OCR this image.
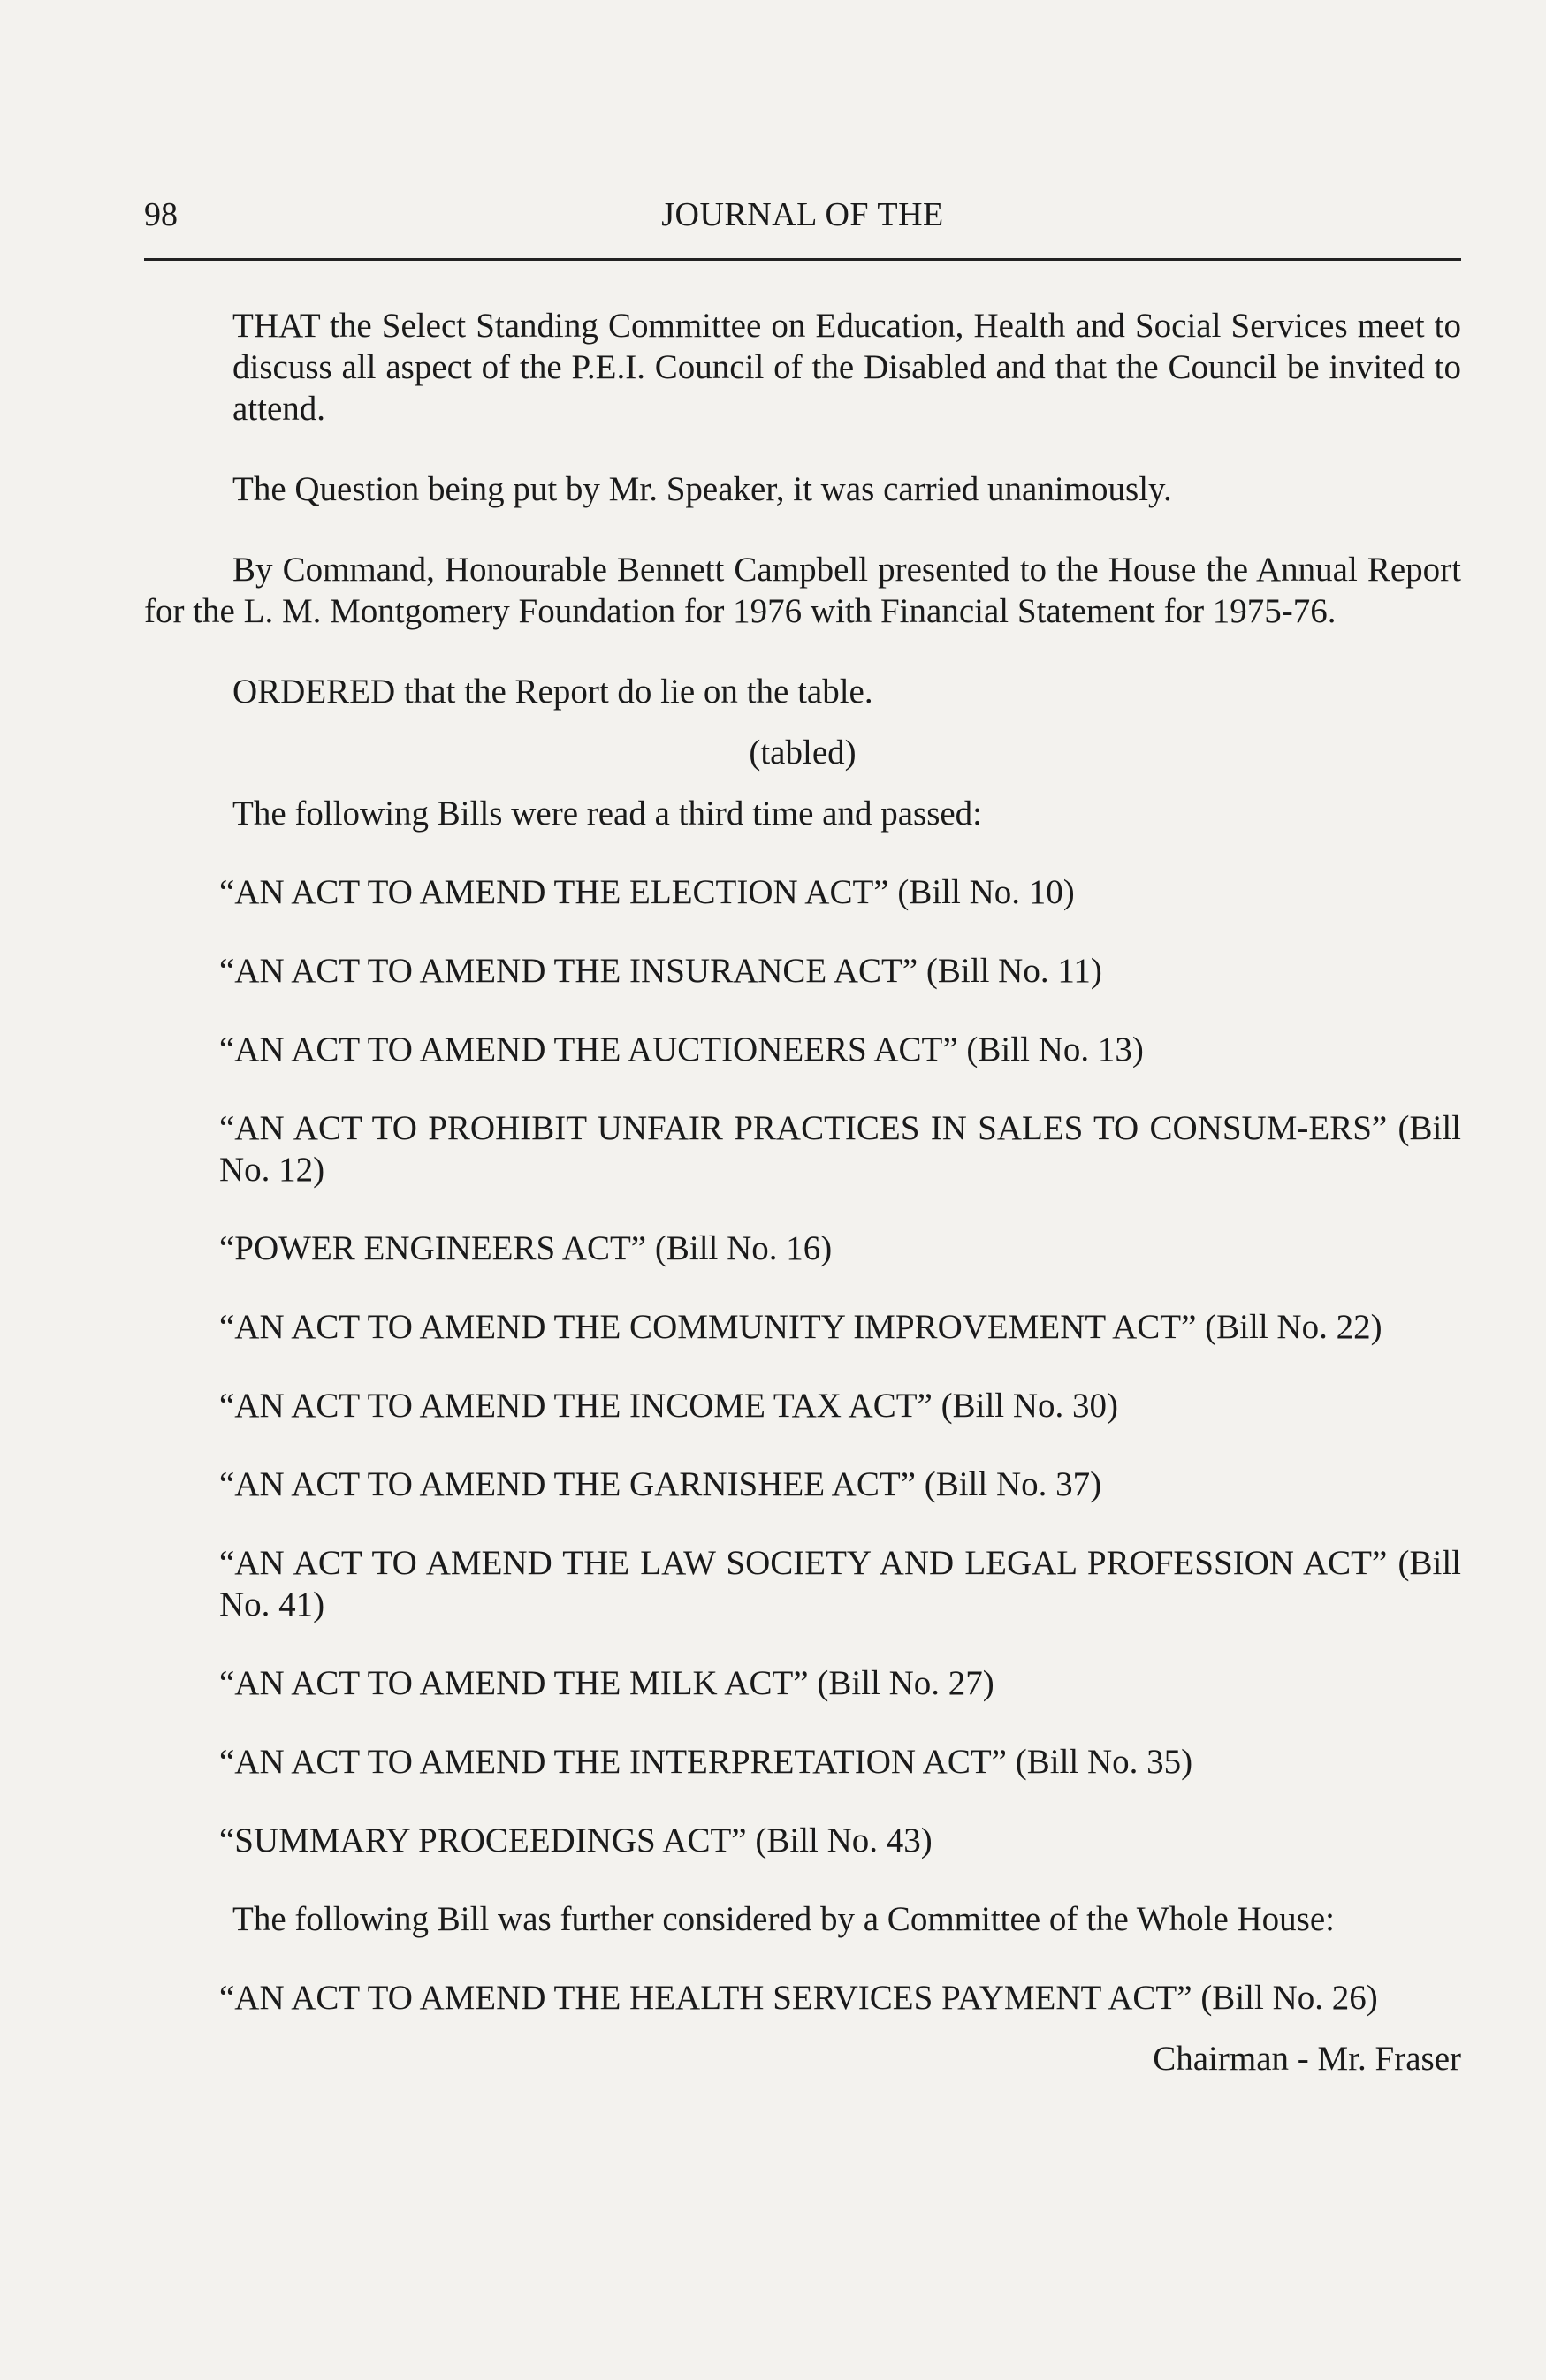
98	JOURNAL OF THE

THAT the Select Standing Committee on Education, Health and Social Services meet to discuss all aspect of the P.E.I. Council of the Disabled and that the Council be invited to attend.

The Question being put by Mr. Speaker, it was carried unanimously.

By Command, Honourable Bennett Campbell presented to the House the Annual Report for the L. M. Montgomery Foundation for 1976 with Financial Statement for 1975-76.

ORDERED that the Report do lie on the table.

(tabled)

The following Bills were read a third time and passed:

“AN ACT TO AMEND THE ELECTION ACT” (Bill No. 10)

“AN ACT TO AMEND THE INSURANCE ACT” (Bill No. 11)

“AN ACT TO AMEND THE AUCTIONEERS ACT” (Bill No. 13)

“AN ACT TO PROHIBIT UNFAIR PRACTICES IN SALES TO CONSUM-ERS” (Bill No. 12)

“POWER ENGINEERS ACT” (Bill No. 16)

“AN ACT TO AMEND THE COMMUNITY IMPROVEMENT ACT” (Bill No. 22)

“AN ACT TO AMEND THE INCOME TAX ACT” (Bill No. 30)

“AN ACT TO AMEND THE GARNISHEE ACT” (Bill No. 37)

“AN ACT TO AMEND THE LAW SOCIETY AND LEGAL PROFESSION ACT” (Bill No. 41)

“AN ACT TO AMEND THE MILK ACT” (Bill No. 27)

“AN ACT TO AMEND THE INTERPRETATION ACT” (Bill No. 35)

“SUMMARY PROCEEDINGS ACT” (Bill No. 43)

The following Bill was further considered by a Committee of the Whole House:

“AN ACT TO AMEND THE HEALTH SERVICES PAYMENT ACT” (Bill No. 26)

Chairman - Mr. Fraser
